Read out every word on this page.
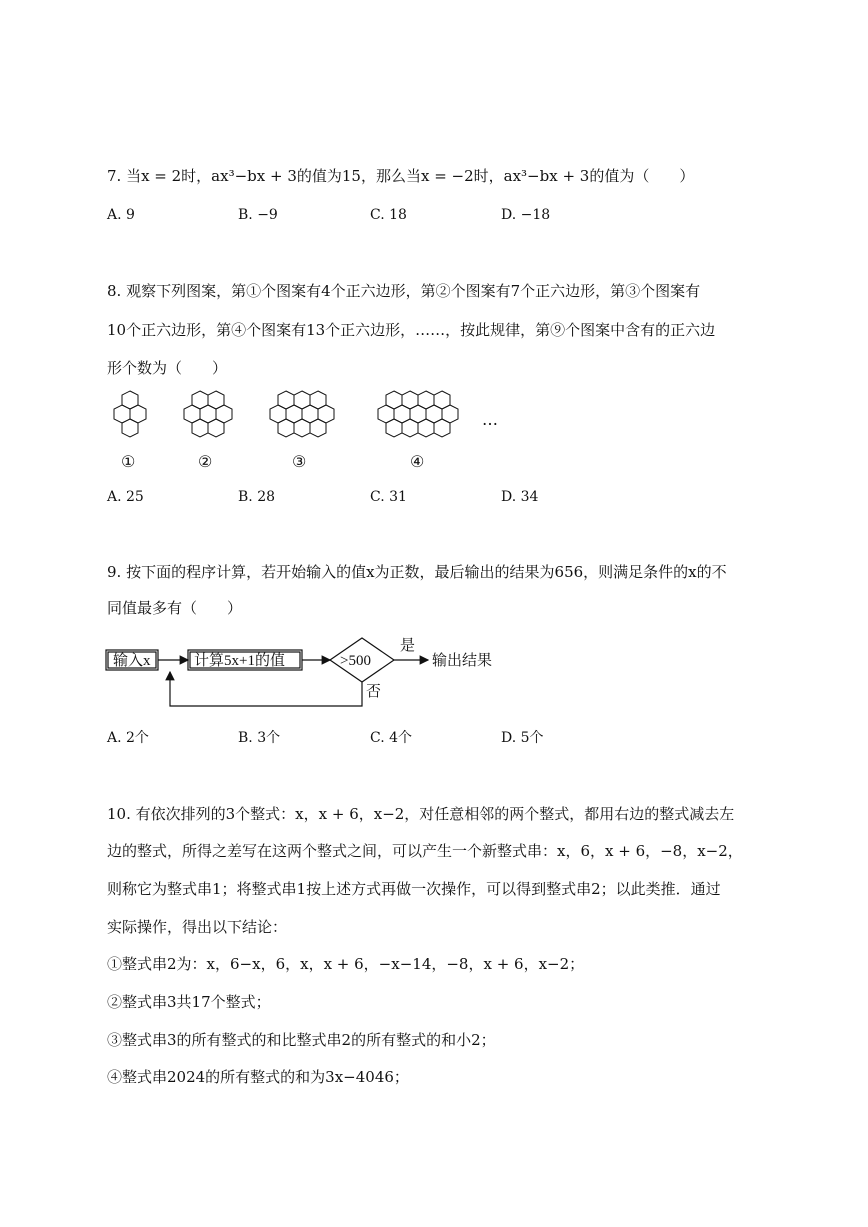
7. 当x = 2时，ax³−bx + 3的值为15，那么当x = −2时，ax³−bx + 3的值为（　　）
A. 9	B. −9	C. 18	D. −18
8. 观察下列图案，第①个图案有4个正六边形，第②个图案有7个正六边形，第③个图案有
10个正六边形，第④个图案有13个正六边形，……，按此规律，第⑨个图案中含有的正六边
形个数为（　　）
①	②	③	④
…
A. 25	B. 28	C. 31	D. 34
9. 按下面的程序计算，若开始输入的值x为正数，最后输出的结果为656，则满足条件的x的不
同值最多有（　　）
输入x	计算5x+1的值	>500
是
否
输出结果
A. 2个	B. 3个	C. 4个	D. 5个
10. 有依次排列的3个整式：x，x + 6，x−2，对任意相邻的两个整式，都用右边的整式减去左
边的整式，所得之差写在这两个整式之间，可以产生一个新整式串：x，6，x + 6，−8，x−2，
则称它为整式串1；将整式串1按上述方式再做一次操作，可以得到整式串2；以此类推．通过
实际操作，得出以下结论：
①整式串2为：x，6−x，6，x，x + 6，−x−14，−8，x + 6，x−2；
②整式串3共17个整式；
③整式串3的所有整式的和比整式串2的所有整式的和小2；
④整式串2024的所有整式的和为3x−4046；
